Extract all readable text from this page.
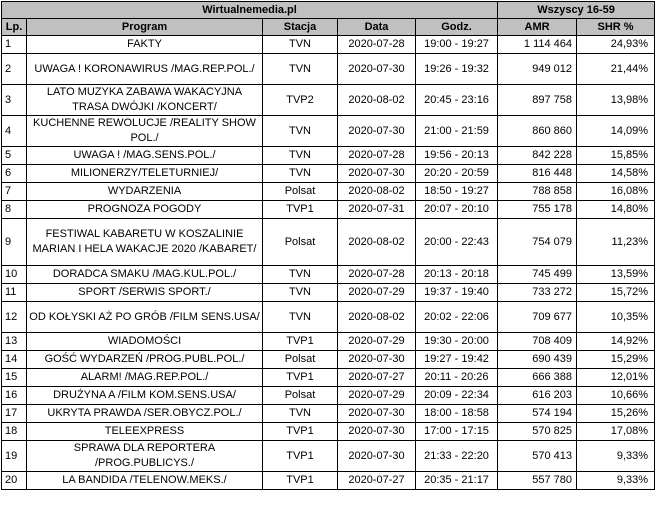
Wirtualnemedia.pl					Wszyscy 16-59	
Lp.	Program	Stacja	Data	Godz.	AMR	SHR %
1	FAKTY	TVN	2020-07-28	19:00 - 19:27	1 114 464	24,93%
2	UWAGA ! KORONAWIRUS /MAG.REP.POL./	TVN	2020-07-30	19:26 - 19:32	949 012	21,44%
3	LATO MUZYKA ZABAWA WAKACYJNA TRASA DWÓJKI /KONCERT/	TVP2	2020-08-02	20:45 - 23:16	897 758	13,98%
4	KUCHENNE REWOLUCJE /REALITY SHOW POL./	TVN	2020-07-30	21:00 - 21:59	860 860	14,09%
5	UWAGA ! /MAG.SENS.POL./	TVN	2020-07-28	19:56 - 20:13	842 228	15,85%
6	MILIONERZY/TELETURNIEJ/	TVN	2020-07-30	20:20 - 20:59	816 448	14,58%
7	WYDARZENIA	Polsat	2020-08-02	18:50 - 19:27	788 858	16,08%
8	PROGNOZA POGODY	TVP1	2020-07-31	20:07 - 20:10	755 178	14,80%
9	FESTIWAL KABARETU W KOSZALINIE MARIAN I HELA WAKACJE 2020 /KABARET/	Polsat	2020-08-02	20:00 - 22:43	754 079	11,23%
10	DORADCA SMAKU /MAG.KUL.POL./	TVN	2020-07-28	20:13 - 20:18	745 499	13,59%
11	SPORT /SERWIS SPORT./	TVN	2020-07-29	19:37 - 19:40	733 272	15,72%
12	OD KOŁYSKI AŻ PO GRÓB /FILM SENS.USA/	TVN	2020-08-02	20:02 - 22:06	709 677	10,35%
13	WIADOMOŚCI	TVP1	2020-07-29	19:30 - 20:00	708 409	14,92%
14	GOŚĆ WYDARZEŃ /PROG.PUBL.POL./	Polsat	2020-07-30	19:27 - 19:42	690 439	15,29%
15	ALARM! /MAG.REP.POL./	TVP1	2020-07-27	20:11 - 20:26	666 388	12,01%
16	DRUŻYNA A /FILM KOM.SENS.USA/	Polsat	2020-07-29	20:09 - 22:34	616 203	10,66%
17	UKRYTA PRAWDA /SER.OBYCZ.POL./	TVN	2020-07-30	18:00 - 18:58	574 194	15,26%
18	TELEEXPRESS	TVP1	2020-07-30	17:00 - 17:15	570 825	17,08%
19	SPRAWA DLA REPORTERA /PROG.PUBLICYS./	TVP1	2020-07-30	21:33 - 22:20	570 413	9,33%
20	LA BANDIDA /TELENOW.MEKS./	TVP1	2020-07-27	20:35 - 21:17	557 780	9,33%
